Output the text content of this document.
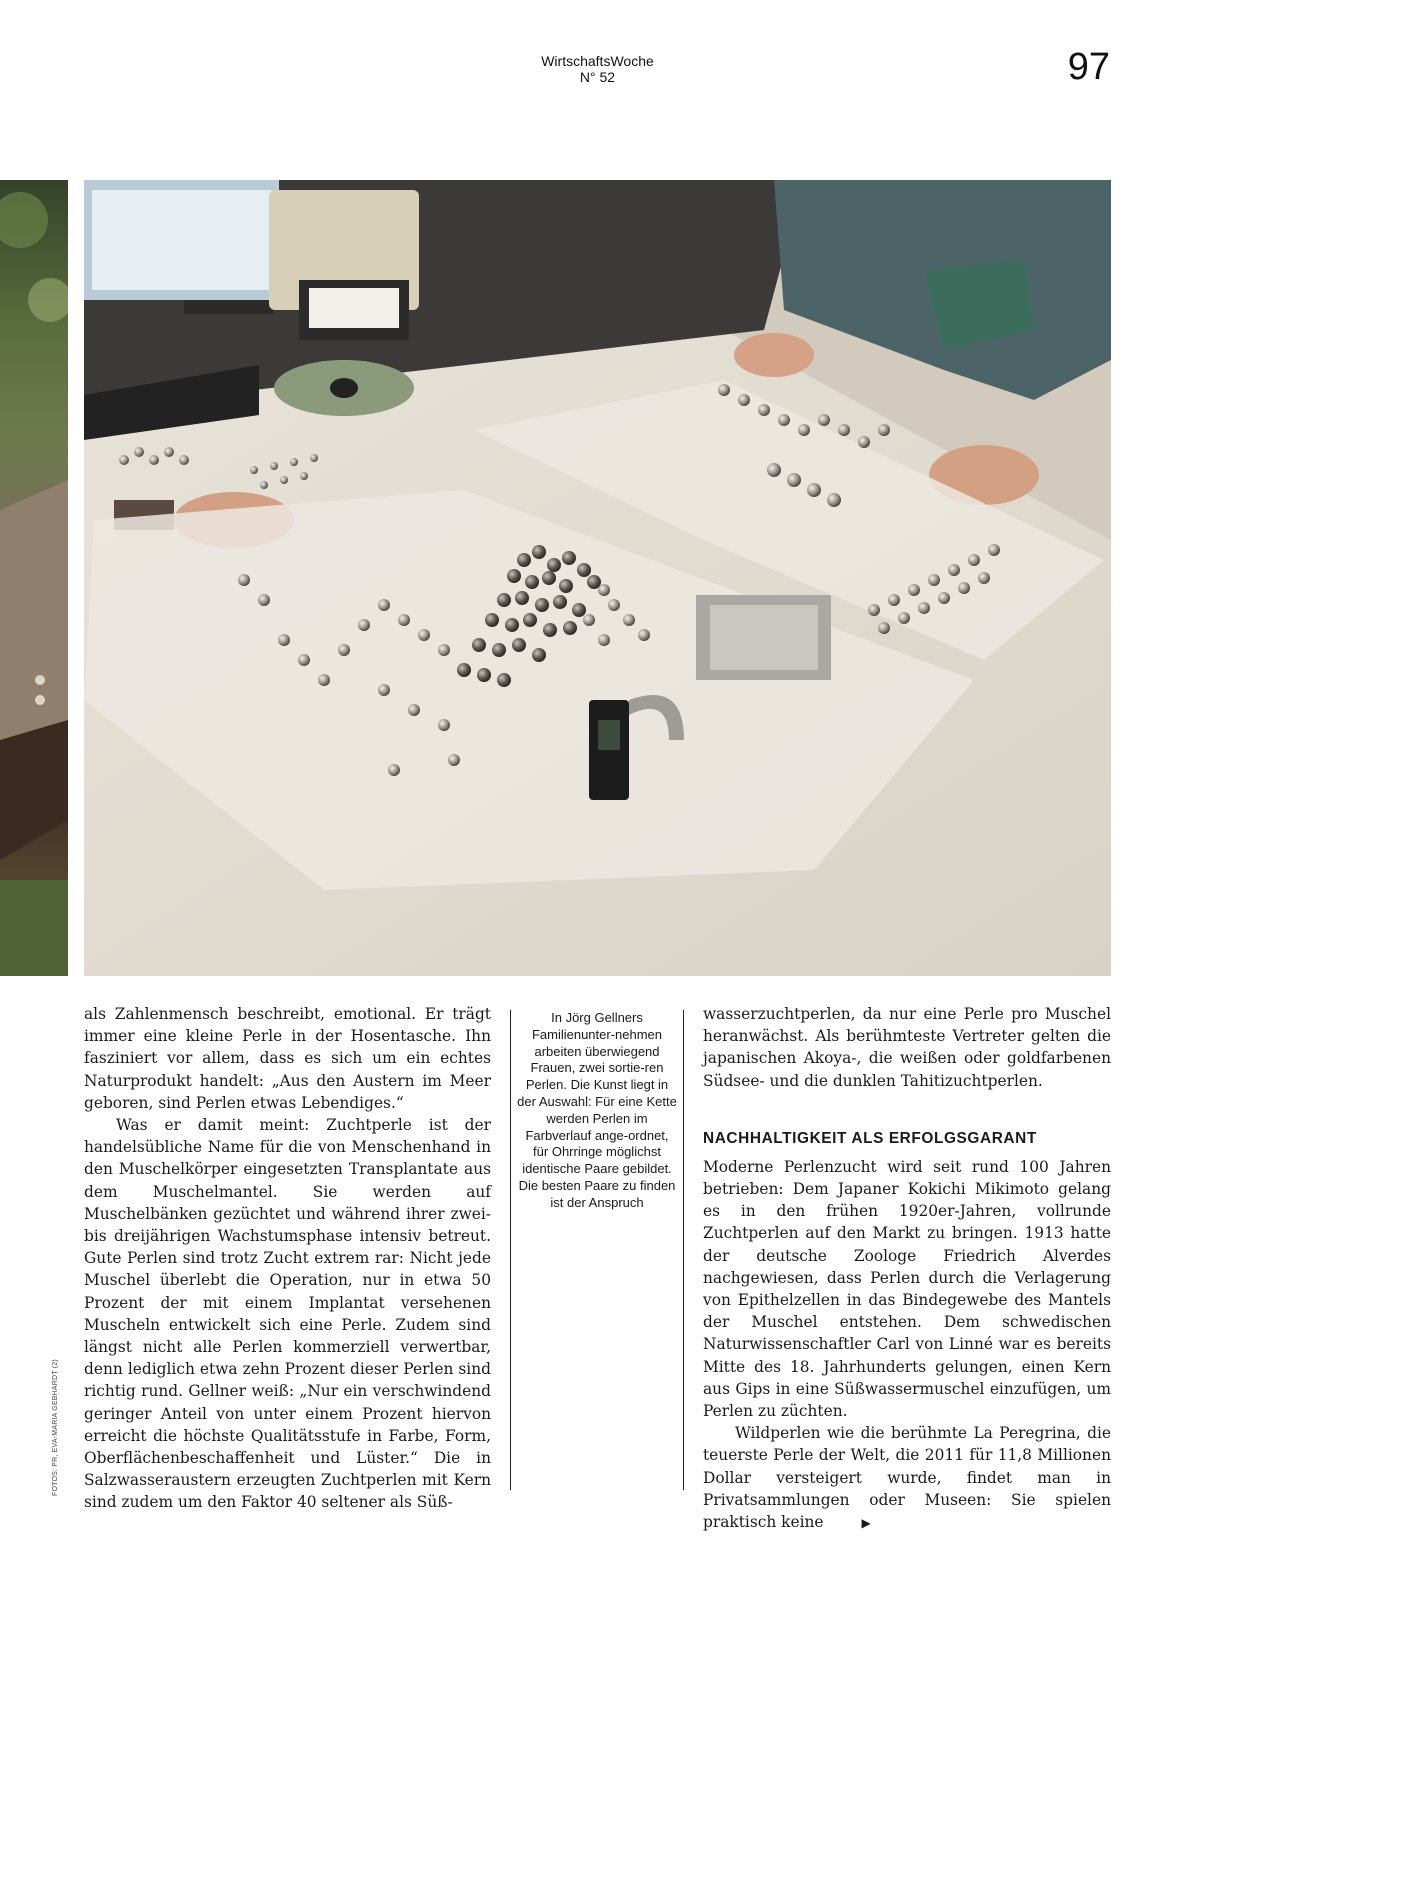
WirtschaftsWoche
N° 52	97
FOTOS: PR, EVA-MARIA GEBHARDT (2)

als Zahlenmensch beschreibt, emotional. Er trägt immer eine kleine Perle in der Hosentasche. Ihn fasziniert vor allem, dass es sich um ein echtes Naturprodukt handelt: „Aus den Austern im Meer geboren, sind Perlen etwas Lebendiges.“

Was er damit meint: Zuchtperle ist der handelsübliche Name für die von Menschenhand in den Muschelkörper eingesetzten Transplantate aus dem Muschelmantel. Sie werden auf Muschelbänken gezüchtet und während ihrer zwei- bis dreijährigen Wachstumsphase intensiv betreut. Gute Perlen sind trotz Zucht extrem rar: Nicht jede Muschel überlebt die Operation, nur in etwa 50 Prozent der mit einem Implantat versehenen Muscheln entwickelt sich eine Perle. Zudem sind längst nicht alle Perlen kommerziell verwertbar, denn lediglich etwa zehn Prozent dieser Perlen sind richtig rund. Gellner weiß: „Nur ein verschwindend geringer Anteil von unter einem Prozent hiervon erreicht die höchste Qualitätsstufe in Farbe, Form, Oberflächenbeschaffenheit und Lüster.“ Die in Salzwasseraustern erzeugten Zuchtperlen mit Kern sind zudem um den Faktor 40 seltener als Süß-

In Jörg Gellners Familienunter-nehmen arbeiten überwiegend Frauen, zwei sortie-ren Perlen. Die Kunst liegt in der Auswahl: Für eine Kette werden Perlen im Farbverlauf ange-ordnet, für Ohrringe möglichst identische Paare gebildet. Die besten Paare zu finden ist der Anspruch

wasserzuchtperlen, da nur eine Perle pro Muschel heranwächst. Als berühmteste Vertreter gelten die japanischen Akoya-, die weißen oder goldfarbenen Südsee- und die dunklen Tahitizuchtperlen.

NACHHALTIGKEIT ALS ERFOLGSGARANT

Moderne Perlenzucht wird seit rund 100 Jahren betrieben: Dem Japaner Kokichi Mikimoto gelang es in den frühen 1920er-Jahren, vollrunde Zuchtperlen auf den Markt zu bringen. 1913 hatte der deutsche Zoologe Friedrich Alverdes nachgewiesen, dass Perlen durch die Verlagerung von Epithelzellen in das Bindegewebe des Mantels der Muschel entstehen. Dem schwedischen Naturwissenschaftler Carl von Linné war es bereits Mitte des 18. Jahrhunderts gelungen, einen Kern aus Gips in eine Süßwassermuschel einzufügen, um Perlen zu züchten.

Wildperlen wie die berühmte La Peregrina, die teuerste Perle der Welt, die 2011 für 11,8 Millionen Dollar versteigert wurde, findet man in Privatsammlungen oder Museen: Sie spielen praktisch keine	▶
